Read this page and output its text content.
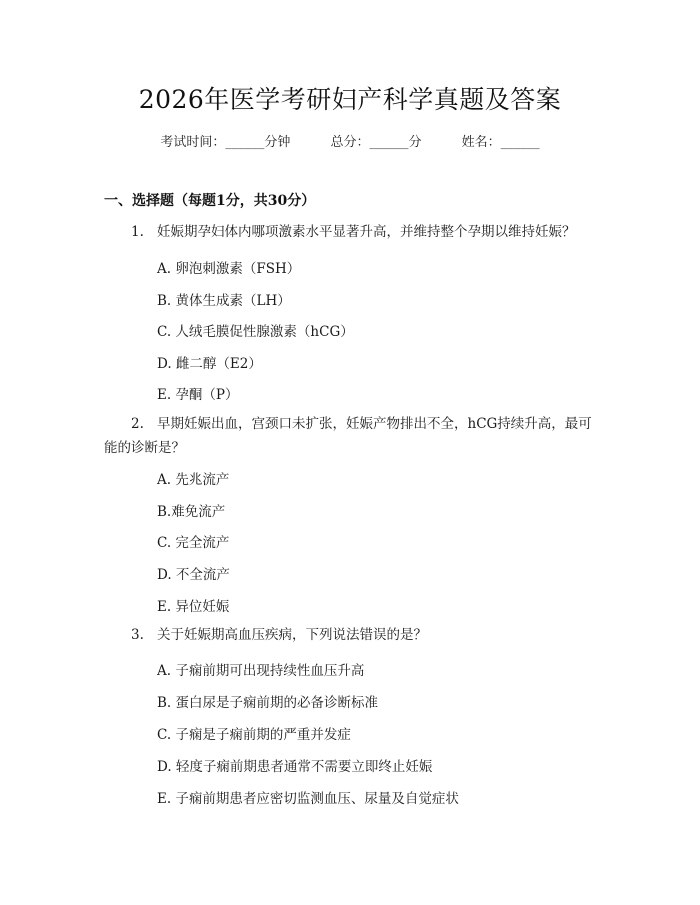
2026年医学考研妇产科学真题及答案
考试时间：______分钟	总分：______分	姓名：______
一、选择题（每题1分，共30分）
1. 妊娠期孕妇体内哪项激素水平显著升高，并维持整个孕期以维持妊娠？
A. 卵泡刺激素（FSH）
B. 黄体生成素（LH）
C. 人绒毛膜促性腺激素（hCG）
D. 雌二醇（E2）
E. 孕酮（P）
2. 早期妊娠出血，宫颈口未扩张，妊娠产物排出不全，hCG持续升高，最可
能的诊断是？
A. 先兆流产
B.难免流产
C. 完全流产
D. 不全流产
E. 异位妊娠
3. 关于妊娠期高血压疾病，下列说法错误的是？
A. 子痫前期可出现持续性血压升高
B. 蛋白尿是子痫前期的必备诊断标准
C. 子痫是子痫前期的严重并发症
D. 轻度子痫前期患者通常不需要立即终止妊娠
E. 子痫前期患者应密切监测血压、尿量及自觉症状
